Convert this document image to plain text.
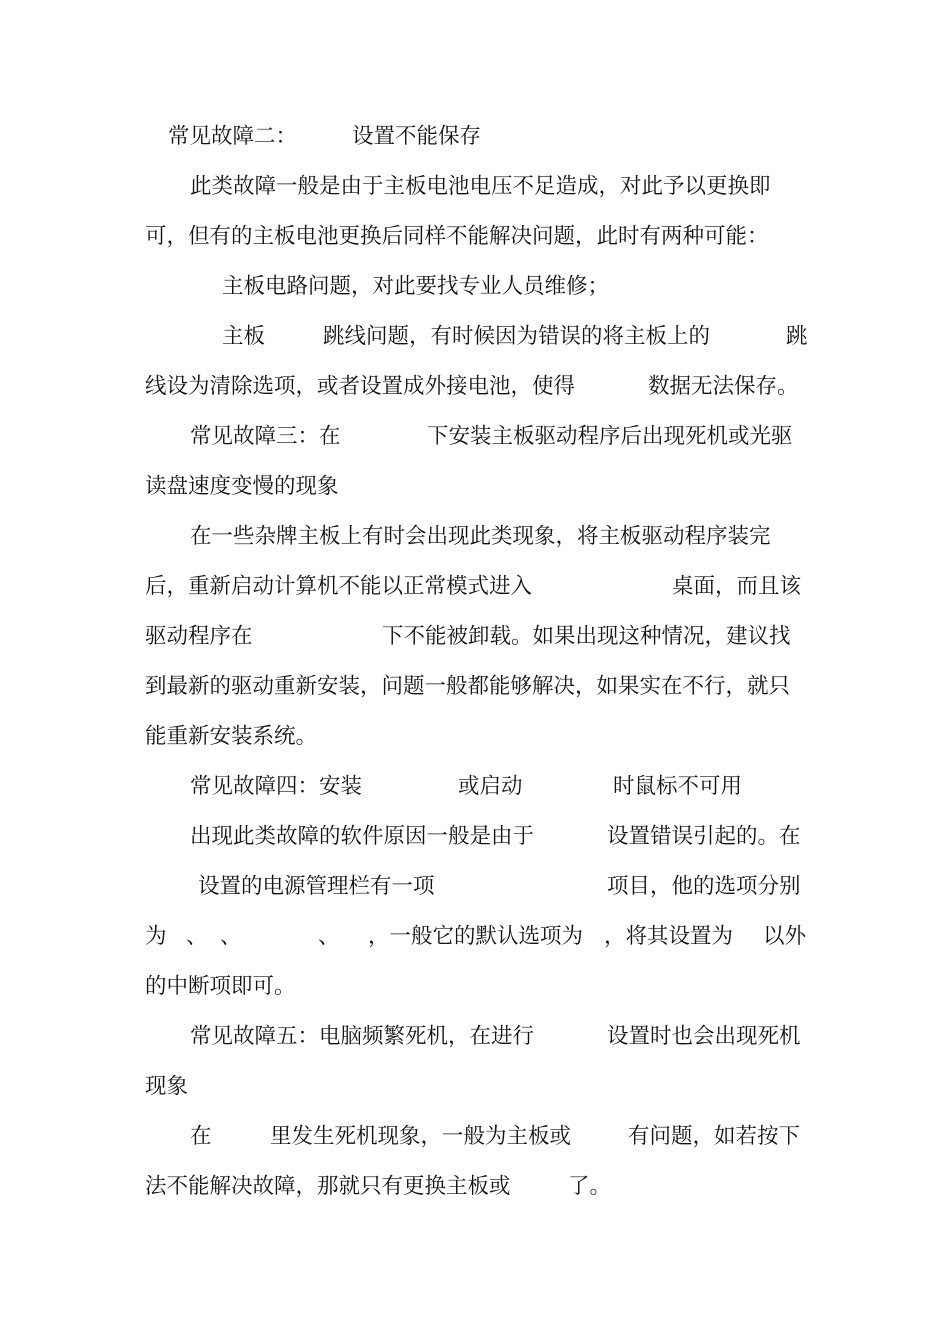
常见故障二：	设置不能保存
此类故障一般是由于主板电池电压不足造成，对此予以更换即
可，但有的主板电池更换后同样不能解决问题，此时有两种可能：
主板电路问题，对此要找专业人员维修；
主板	跳线问题，有时候因为错误的将主板上的	跳
线设为清除选项，或者设置成外接电池，使得	数据无法保存。
常见故障三：在	下安装主板驱动程序后出现死机或光驱
读盘速度变慢的现象
在一些杂牌主板上有时会出现此类现象，将主板驱动程序装完
后，重新启动计算机不能以正常模式进入	桌面，而且该
驱动程序在	下不能被卸载。如果出现这种情况，建议找
到最新的驱动重新安装，问题一般都能够解决，如果实在不行，就只
能重新安装系统。
常见故障四：安装	或启动	时鼠标不可用
出现此类故障的软件原因一般是由于	设置错误引起的。在
设置的电源管理栏有一项	项目，他的选项分别
为 、 、	、 ，一般它的默认选项为 ，将其设置为 以外
的中断项即可。
常见故障五：电脑频繁死机，在进行	设置时也会出现死机
现象
在	里发生死机现象，一般为主板或	有问题，如若按下
法不能解决故障，那就只有更换主板或	了。
